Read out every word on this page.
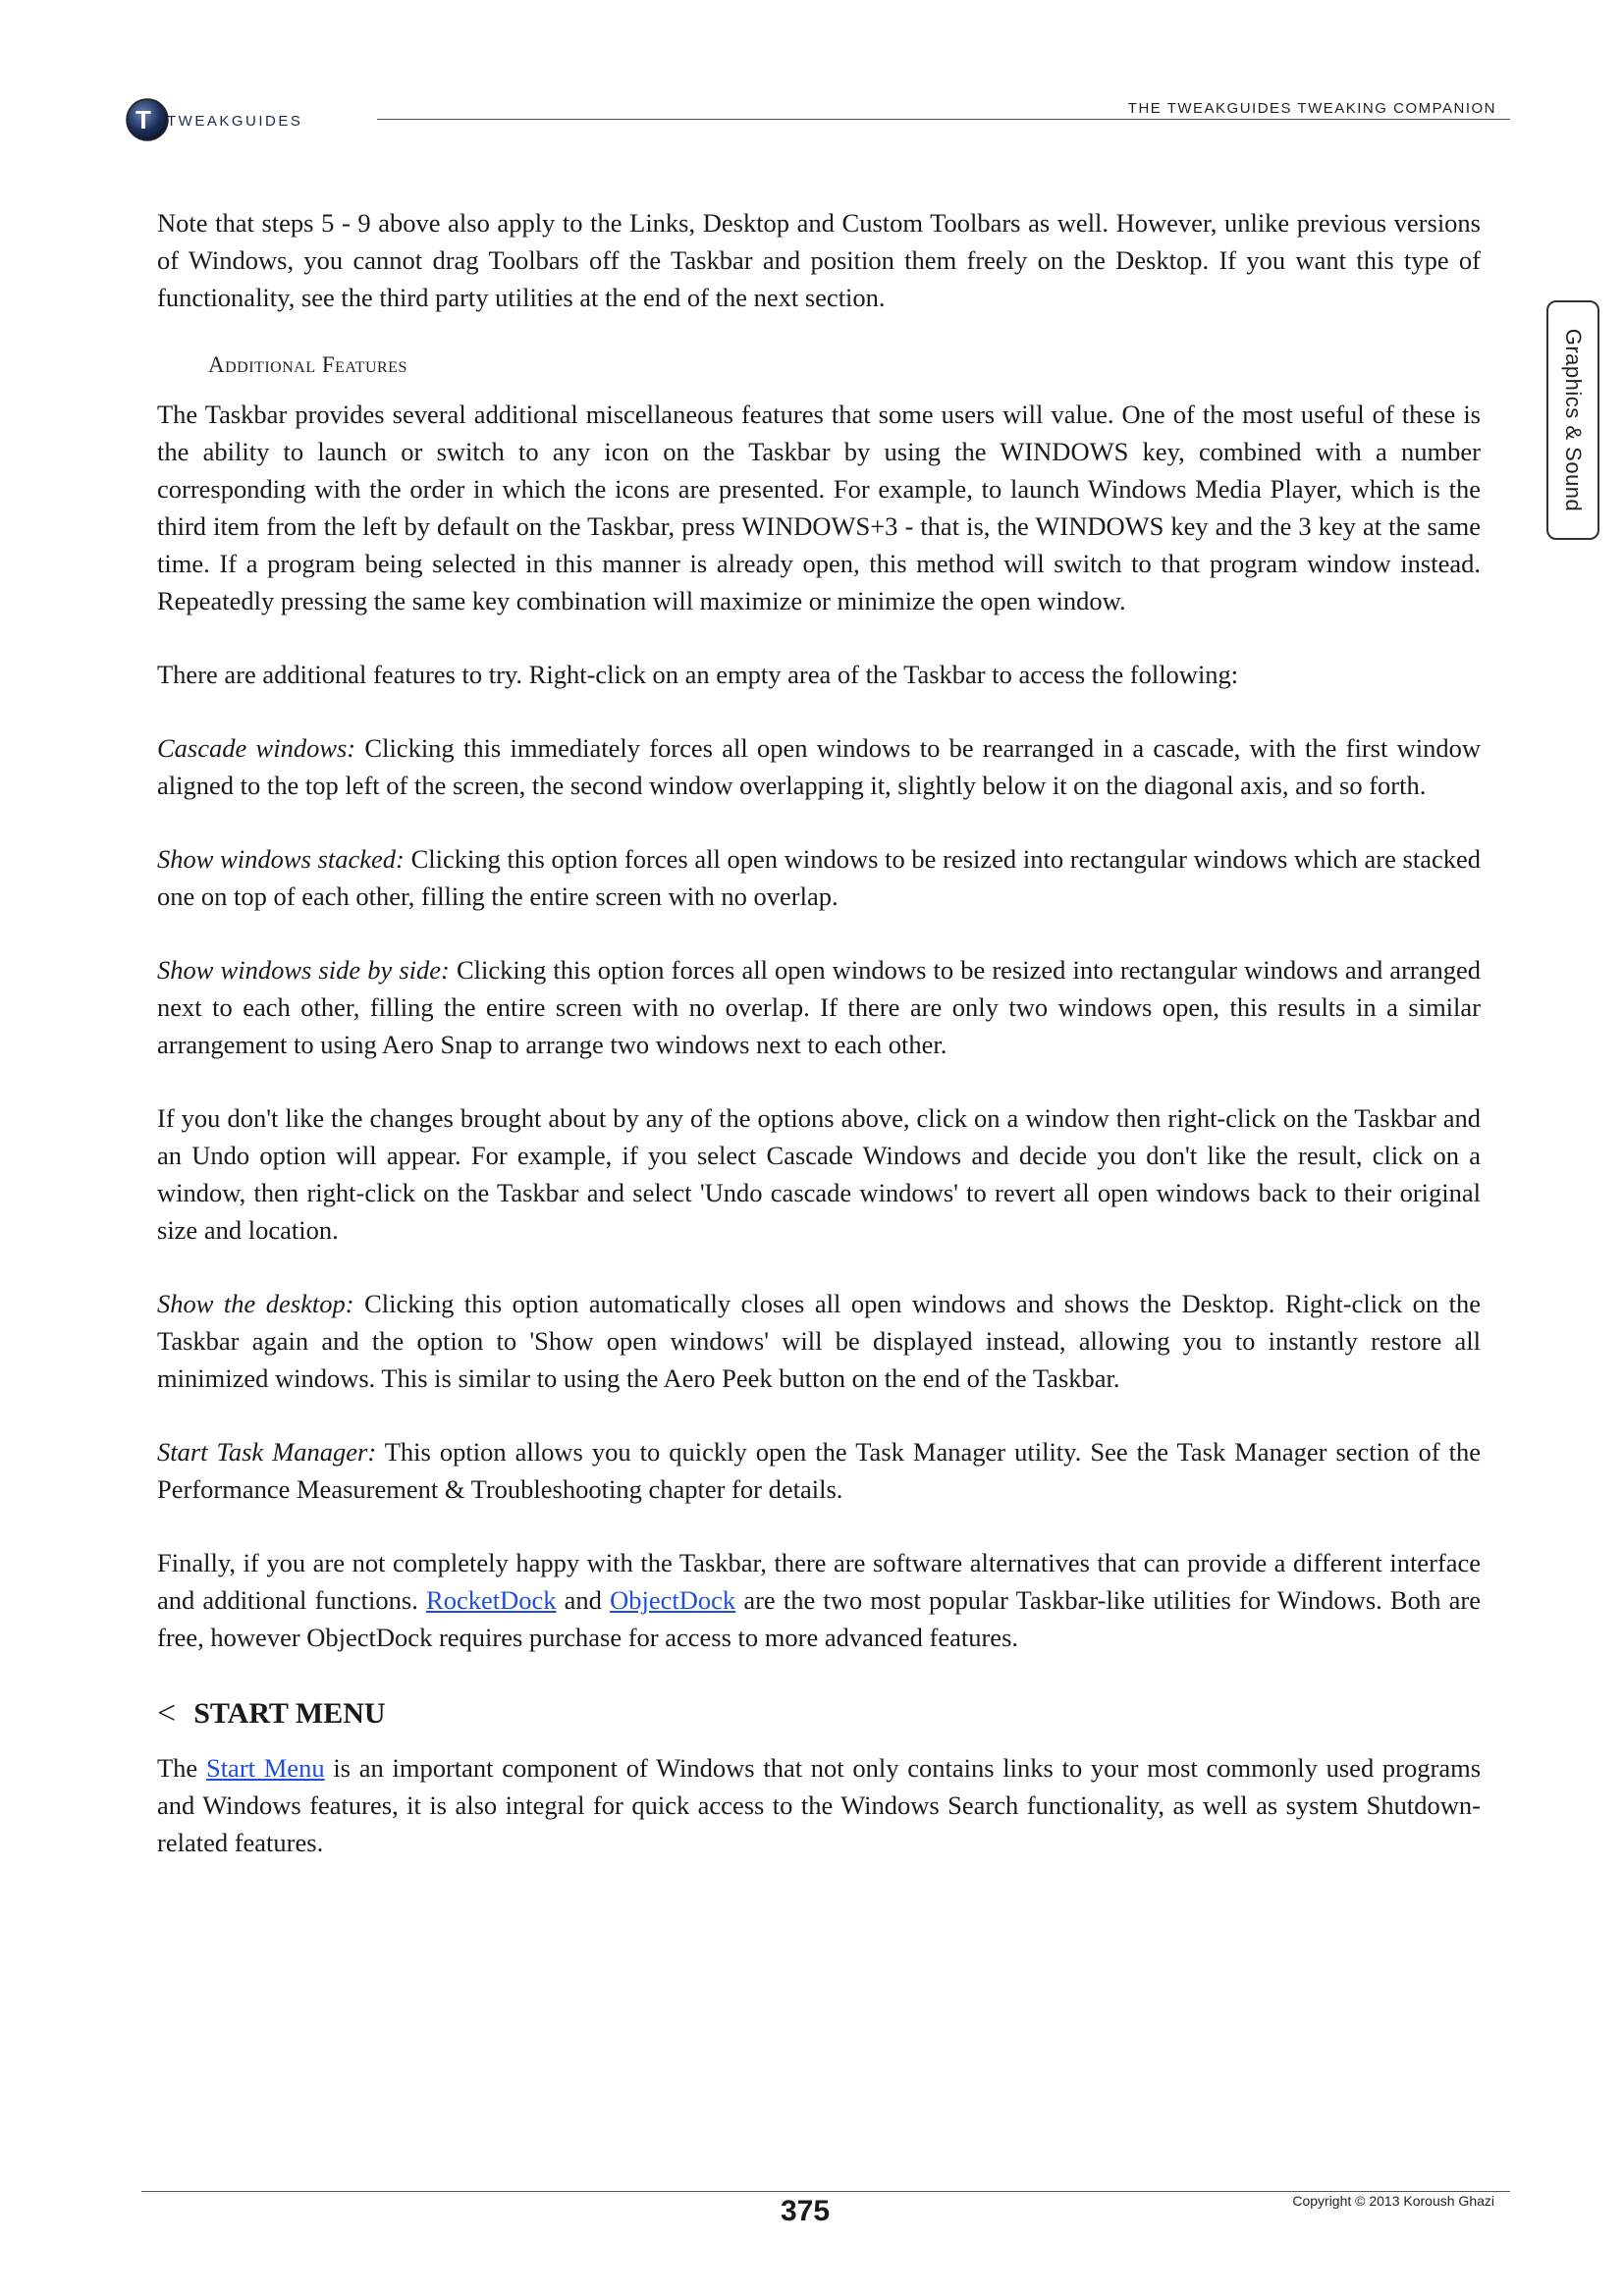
T TWEAKGUIDES
THE TWEAKGUIDES TWEAKING COMPANION
Graphics & Sound

Note that steps 5 - 9 above also apply to the Links, Desktop and Custom Toolbars as well. However, unlike previous versions of Windows, you cannot drag Toolbars off the Taskbar and position them freely on the Desktop. If you want this type of functionality, see the third party utilities at the end of the next section.

Additional Features

The Taskbar provides several additional miscellaneous features that some users will value. One of the most useful of these is the ability to launch or switch to any icon on the Taskbar by using the WINDOWS key, combined with a number corresponding with the order in which the icons are presented. For example, to launch Windows Media Player, which is the third item from the left by default on the Taskbar, press WINDOWS+3 - that is, the WINDOWS key and the 3 key at the same time. If a program being selected in this manner is already open, this method will switch to that program window instead. Repeatedly pressing the same key combination will maximize or minimize the open window.

There are additional features to try. Right-click on an empty area of the Taskbar to access the following:

Cascade windows: Clicking this immediately forces all open windows to be rearranged in a cascade, with the first window aligned to the top left of the screen, the second window overlapping it, slightly below it on the diagonal axis, and so forth.

Show windows stacked: Clicking this option forces all open windows to be resized into rectangular windows which are stacked one on top of each other, filling the entire screen with no overlap.

Show windows side by side: Clicking this option forces all open windows to be resized into rectangular windows and arranged next to each other, filling the entire screen with no overlap. If there are only two windows open, this results in a similar arrangement to using Aero Snap to arrange two windows next to each other.

If you don't like the changes brought about by any of the options above, click on a window then right-click on the Taskbar and an Undo option will appear. For example, if you select Cascade Windows and decide you don't like the result, click on a window, then right-click on the Taskbar and select 'Undo cascade windows' to revert all open windows back to their original size and location.

Show the desktop: Clicking this option automatically closes all open windows and shows the Desktop. Right-click on the Taskbar again and the option to 'Show open windows' will be displayed instead, allowing you to instantly restore all minimized windows. This is similar to using the Aero Peek button on the end of the Taskbar.

Start Task Manager: This option allows you to quickly open the Task Manager utility. See the Task Manager section of the Performance Measurement & Troubleshooting chapter for details.

Finally, if you are not completely happy with the Taskbar, there are software alternatives that can provide a different interface and additional functions. RocketDock and ObjectDock are the two most popular Taskbar-like utilities for Windows. Both are free, however ObjectDock requires purchase for access to more advanced features.

< START MENU

The Start Menu is an important component of Windows that not only contains links to your most commonly used programs and Windows features, it is also integral for quick access to the Windows Search functionality, as well as system Shutdown-related features.

375	Copyright © 2013 Koroush Ghazi
